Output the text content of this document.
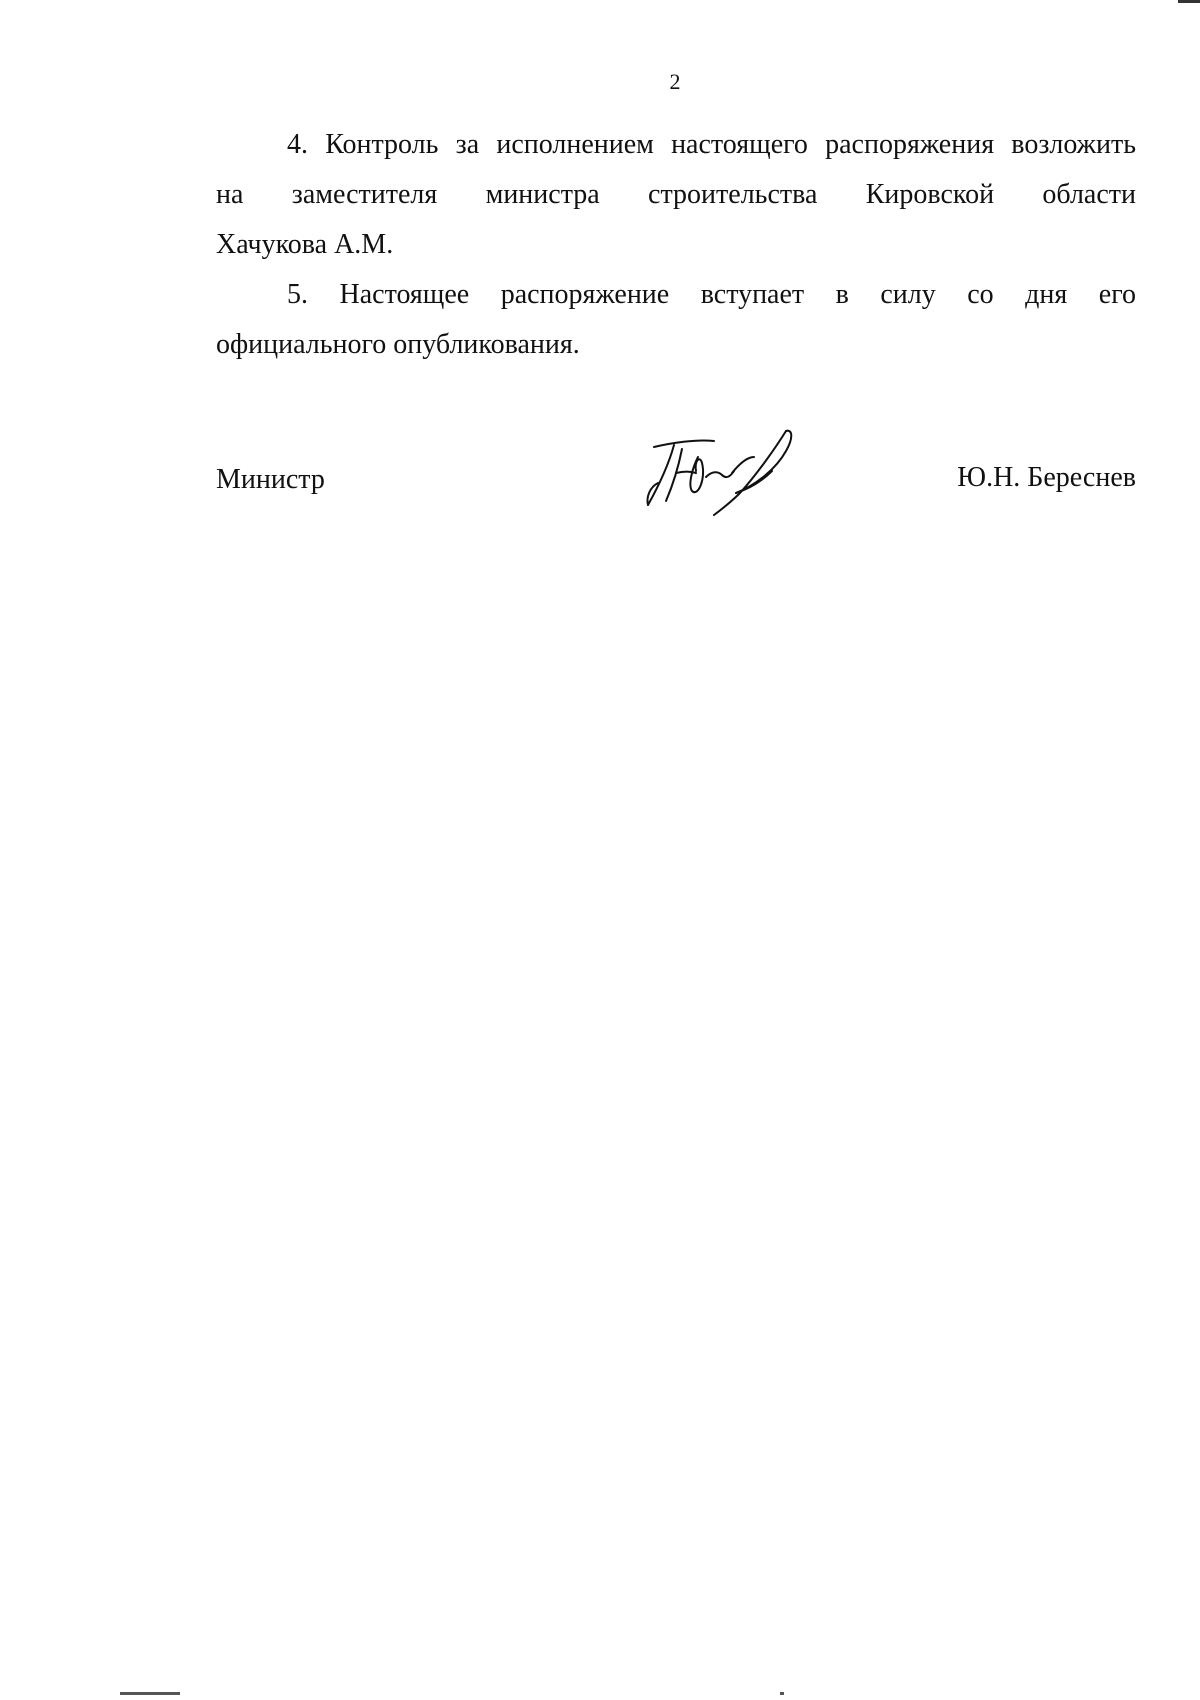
2

4. Контроль за исполнением настоящего распоряжения возложить
на заместителя министра строительства Кировской области
Хачукова А.М.

5. Настоящее распоряжение вступает в силу со дня его
официального опубликования.

Министр	Ю.Н. Береснев
